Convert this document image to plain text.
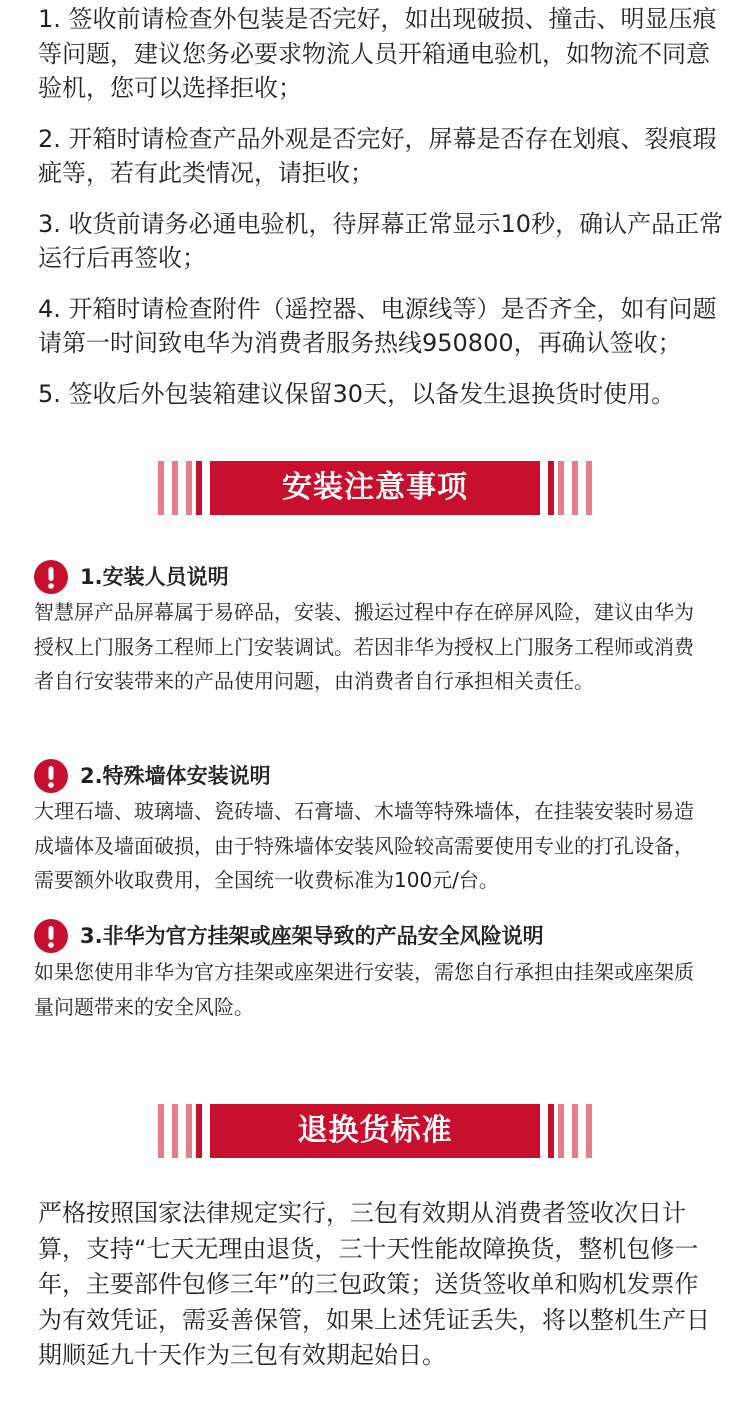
1. 签收前请检查外包装是否完好，如出现破损、撞击、明显压痕等问题，建议您务必要求物流人员开箱通电验机，如物流不同意验机，您可以选择拒收；

2. 开箱时请检查产品外观是否完好，屏幕是否存在划痕、裂痕瑕疵等，若有此类情况，请拒收；

3. 收货前请务必通电验机，待屏幕正常显示10秒，确认产品正常运行后再签收；

4. 开箱时请检查附件（遥控器、电源线等）是否齐全，如有问题请第一时间致电华为消费者服务热线950800，再确认签收；

5. 签收后外包装箱建议保留30天，以备发生退换货时使用。

安装注意事项
1.安装人员说明

智慧屏产品屏幕属于易碎品，安装、搬运过程中存在碎屏风险，建议由华为授权上门服务工程师上门安装调试。若因非华为授权上门服务工程师或消费者自行安装带来的产品使用问题，由消费者自行承担相关责任。

2.特殊墙体安装说明

大理石墙、玻璃墙、瓷砖墙、石膏墙、木墙等特殊墙体，在挂装安装时易造成墙体及墙面破损，由于特殊墙体安装风险较高需要使用专业的打孔设备，需要额外收取费用，全国统一收费标准为100元/台。

3.非华为官方挂架或座架导致的产品安全风险说明

如果您使用非华为官方挂架或座架进行安装，需您自行承担由挂架或座架质量问题带来的安全风险。

退换货标准

严格按照国家法律规定实行，三包有效期从消费者签收次日计算，支持“七天无理由退货，三十天性能故障换货，整机包修一年，主要部件包修三年”的三包政策；送货签收单和购机发票作为有效凭证，需妥善保管，如果上述凭证丢失，将以整机生产日期顺延九十天作为三包有效期起始日。
